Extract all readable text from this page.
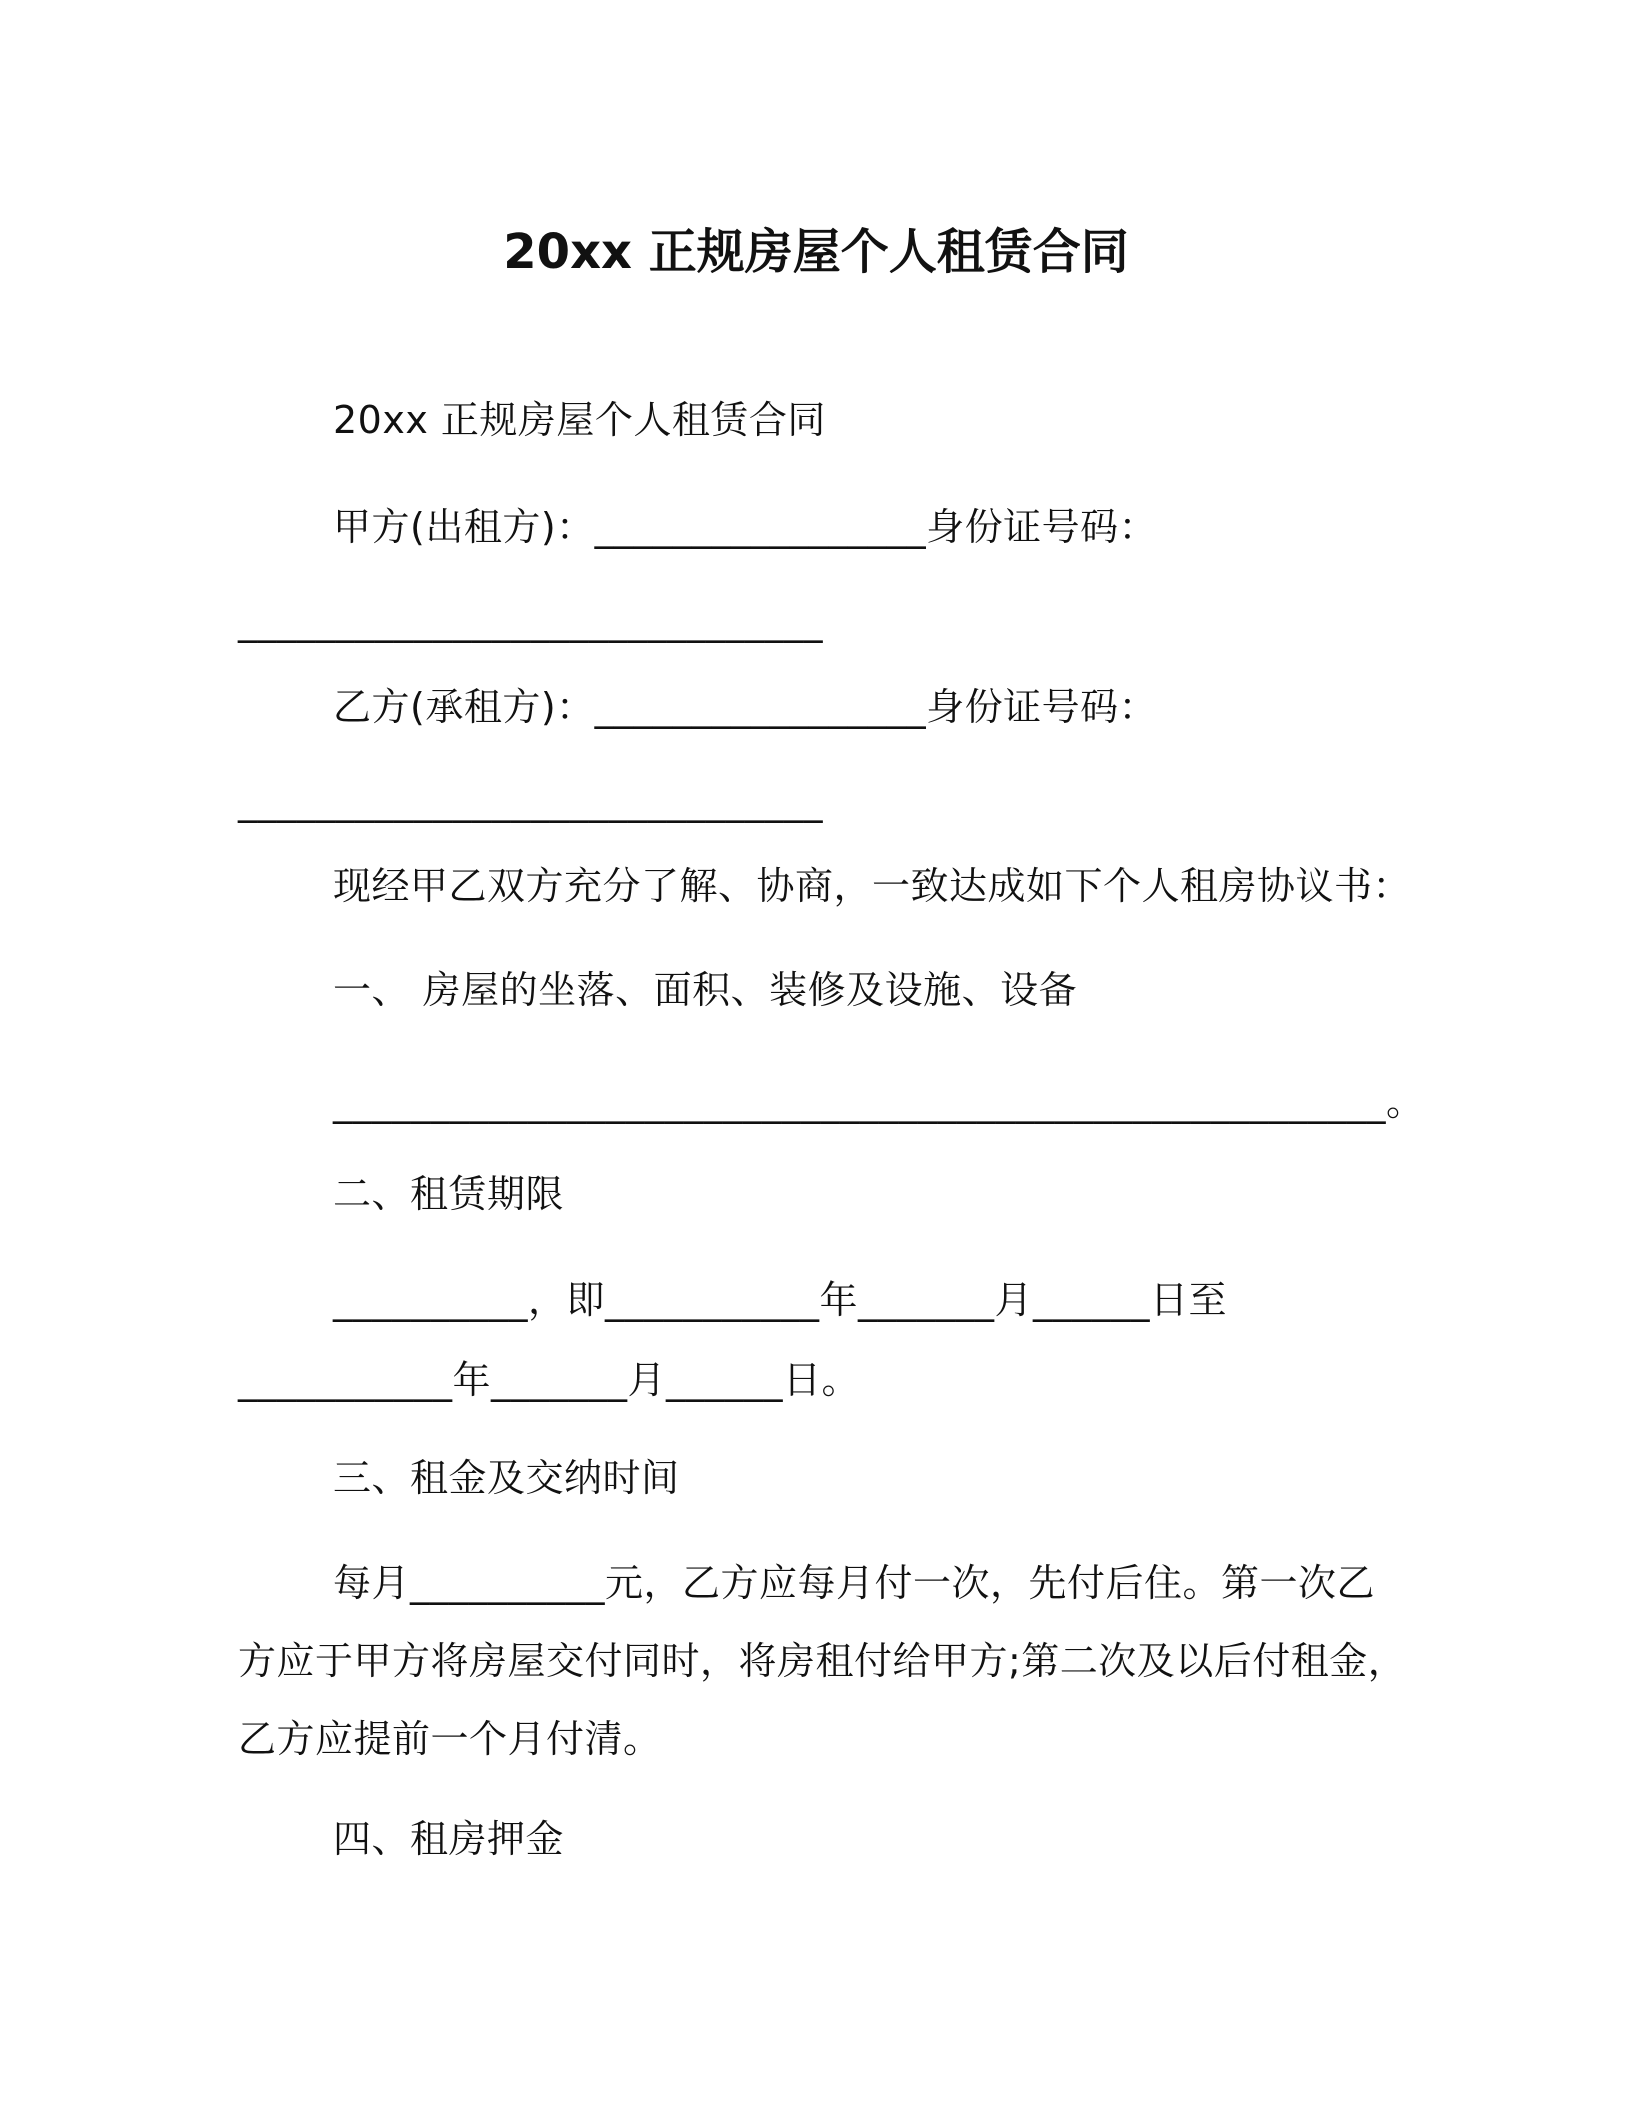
20xx 正规房屋个人租赁合同
20xx 正规房屋个人租赁合同
甲方(出租方)：_________________身份证号码：
______________________________
乙方(承租方)：_________________身份证号码：
______________________________
现经甲乙双方充分了解、协商，一致达成如下个人租房协议书：
一、 房屋的坐落、面积、装修及设施、设备
______________________________________________________。
二、租赁期限
__________，即___________年_______月______日至
___________年_______月______日。
三、租金及交纳时间
每月__________元，乙方应每月付一次，先付后住。第一次乙
方应于甲方将房屋交付同时，将房租付给甲方;第二次及以后付租金，
乙方应提前一个月付清。
四、租房押金
